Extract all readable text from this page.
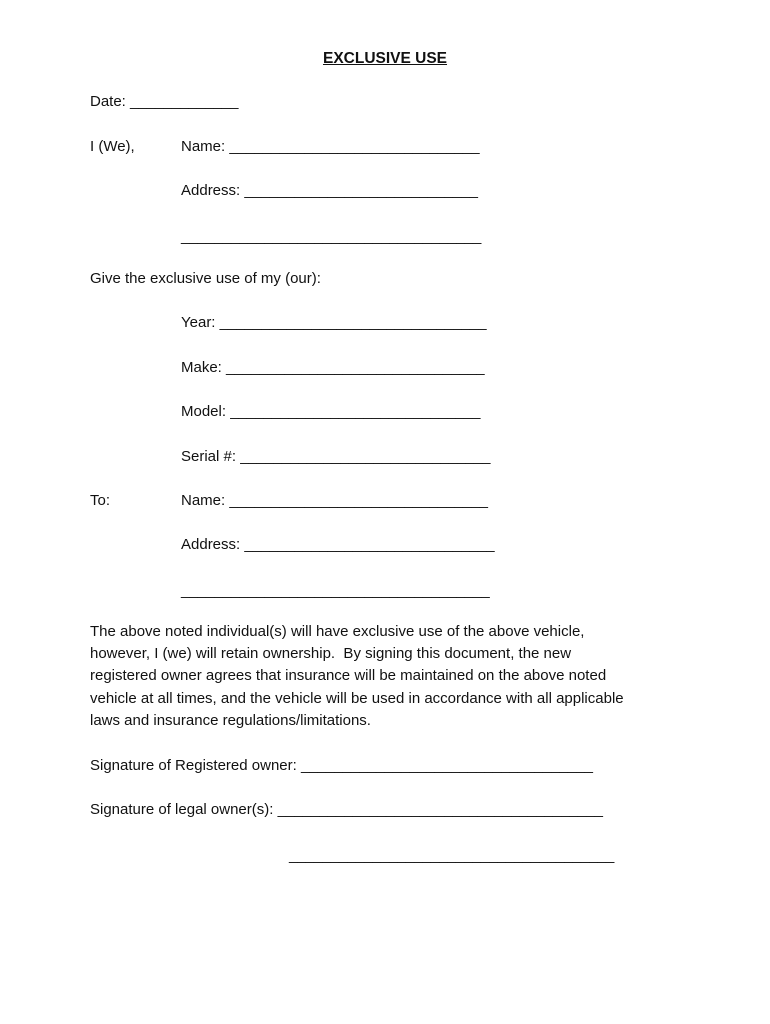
EXCLUSIVE USE
Date: _____________
I (We),	Name: ______________________________
Address: ____________________________
____________________________________
Give the exclusive use of my (our):
Year: ________________________________
Make: _______________________________
Model: ______________________________
Serial #: ______________________________
To:	Name: _______________________________
Address: ______________________________
_____________________________________
The above noted individual(s) will have exclusive use of the above vehicle,
however, I (we) will retain ownership.  By signing this document, the new
registered owner agrees that insurance will be maintained on the above noted
vehicle at all times, and the vehicle will be used in accordance with all applicable
laws and insurance regulations/limitations.
Signature of Registered owner: ___________________________________
Signature of legal owner(s): _______________________________________
_______________________________________
